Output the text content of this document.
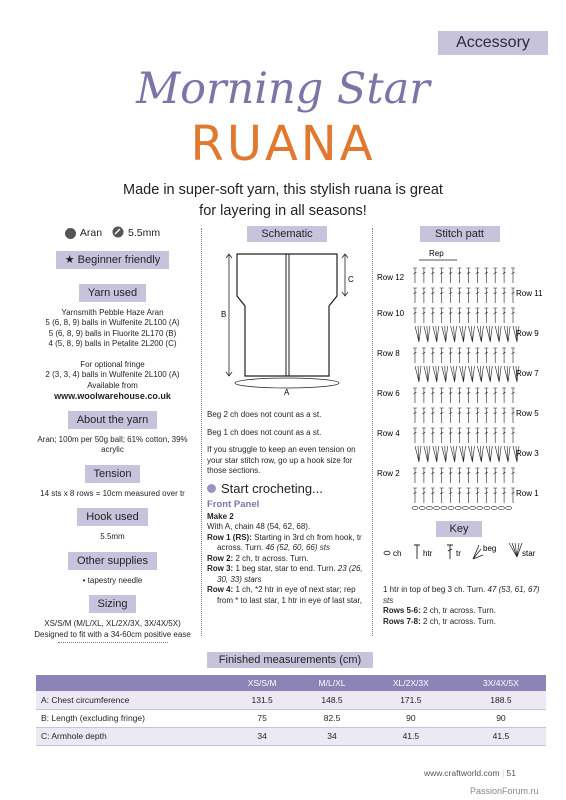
Accessory
Morning Star
RUANA
Made in super-soft yarn, this stylish ruana is great for layering in all seasons!
Aran 5.5mm
★ Beginner friendly
Yarn used
Yarnsmith Pebble Haze Aran
5 (6, 8, 9) balls in Wulfenite 2L100 (A)
5 (6, 8, 9) balls in Fluorite 2L170 (B)
4 (5, 8, 9) balls in Petalite 2L200 (C)
For optional fringe
2 (3, 3, 4) balls in Wulfenite 2L100 (A)
Available from
www.woolwarehouse.co.uk
About the yarn
Aran; 100m per 50g ball; 61% cotton, 39% acrylic
Tension
14 sts x 8 rows = 10cm measured over tr
Hook used
5.5mm
Other supplies
• tapestry needle
Sizing
XS/S/M (M/L/XL, XL/2X/3X, 3X/4X/5X)
Designed to fit with a 34-60cm positive ease
Schematic
Beg 2 ch does not count as a st.
Beg 1 ch does not count as a st.
If you struggle to keep an even tension on your star stitch row, go up a hook size for those sections.
Start crocheting...
Front Panel
Make 2
With A, chain 48 (54, 62, 68).
Row 1 (RS): Starting in 3rd ch from hook, tr across. Turn. 46 (52, 60, 66) sts
Row 2: 2 ch, tr across. Turn.
Row 3: 1 beg star, star to end. Turn. 23 (26, 30, 33) stars
Row 4: 1 ch, *2 htr in eye of next star; rep from * to last star, 1 htr in eye of last star,
B
C
A
Stitch patt
Rep
Row 12
Row 10
Row 8
Row 6
Row 4
Row 2
Row 11
Row 9
Row 7
Row 5
Row 3
Row 1
Key
ch	htr	tr
beg
star
1 htr in top of beg 3 ch. Turn. 47 (53, 61, 67) sts
Rows 5-6: 2 ch, tr across. Turn.
Rows 7-8: 2 ch, tr across. Turn.
Finished measurements (cm)
	XS/S/M	M/L/XL	XL/2X/3X	3X/4X/5X
A: Chest circumference	131.5	148.5	171.5	188.5
B: Length (excluding fringe)	75	82.5	90	90
C: Armhole depth	34	34	41.5	41.5
www.craftworld.com | 51
PassionForum.ru
